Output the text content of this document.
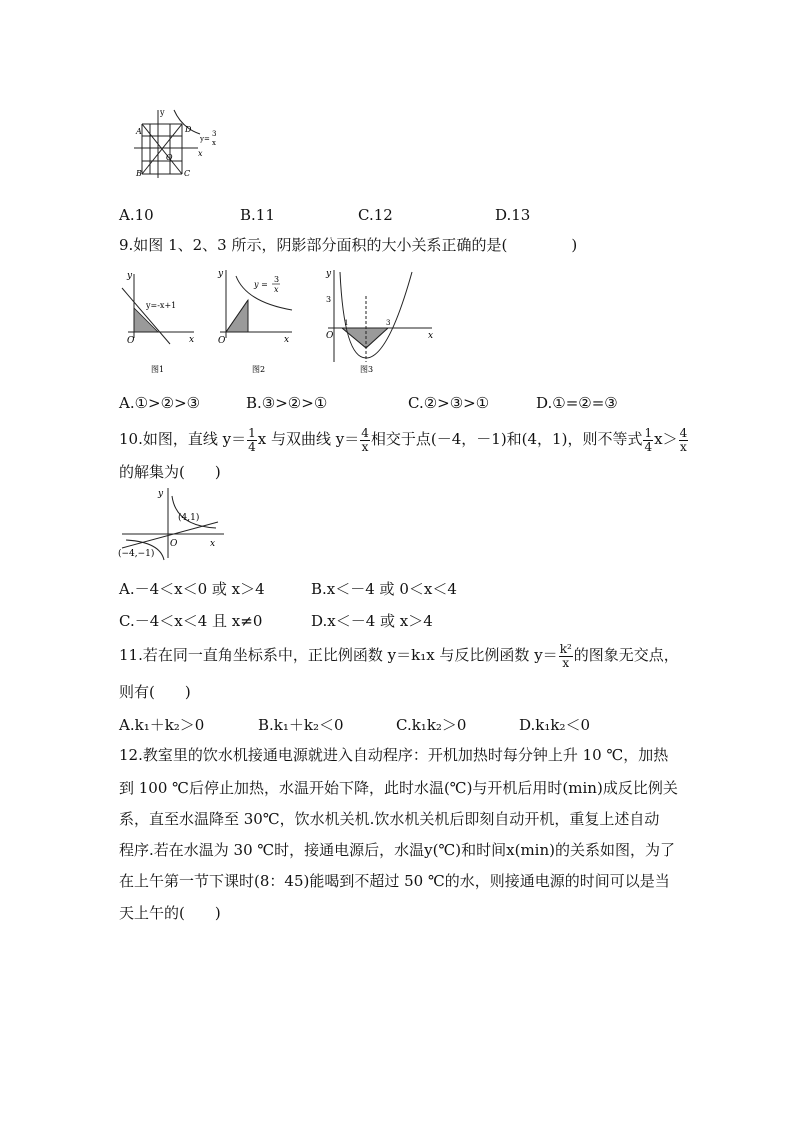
y
A	D
O
B	C
x
y=
3
x
A.10	B.11	C.12	D.13
9.如图 1、2、3 所示，阴影部分面积的大小关系正确的是(	)
y
x
O
y=-x+1
图1
y
x
O
y =
3
x
图2
y
x
O
3
1	3
图3
A.①>②>③	B.③>②>①	C.②>③>①	D.①=②=③
10.如图，直线 $y= \frac{1}{4}$ x 与双曲线 $y= \frac{4}{x}$ 相交于点(－4，－1)和(4，1)，则不等式 $\frac{1}{4} x> \frac{4}{x}$
的解集为(　　)
y
x
O
(4,1)
(−4,−1)
A.－4＜x＜0 或 x＞4	B.x＜－4 或 0＜x＜4
C.－4＜x＜4 且 x≠0	D.x＜－4 或 x＞4
11.若在同一直角坐标系中，正比例函数 y＝k₁x 与反比例函数 $y= \frac{\text{k²}}{x}$ 的图象无交点，
则有(　　)
A.k₁＋k₂＞0	B.k₁＋k₂＜0	C.k₁k₂＞0	D.k₁k₂＜0
12.教室里的饮水机接通电源就进入自动程序：开机加热时每分钟上升 10 ℃，加热
到 100 ℃后停止加热，水温开始下降，此时水温(℃)与开机后用时(min)成反比例关
系，直至水温降至 30℃，饮水机关机.饮水机关机后即刻自动开机，重复上述自动
程序.若在水温为 30 ℃时，接通电源后，水温y(℃)和时间x(min)的关系如图，为了
在上午第一节下课时(8：45)能喝到不超过 50 ℃的水，则接通电源的时间可以是当
天上午的(　　)
